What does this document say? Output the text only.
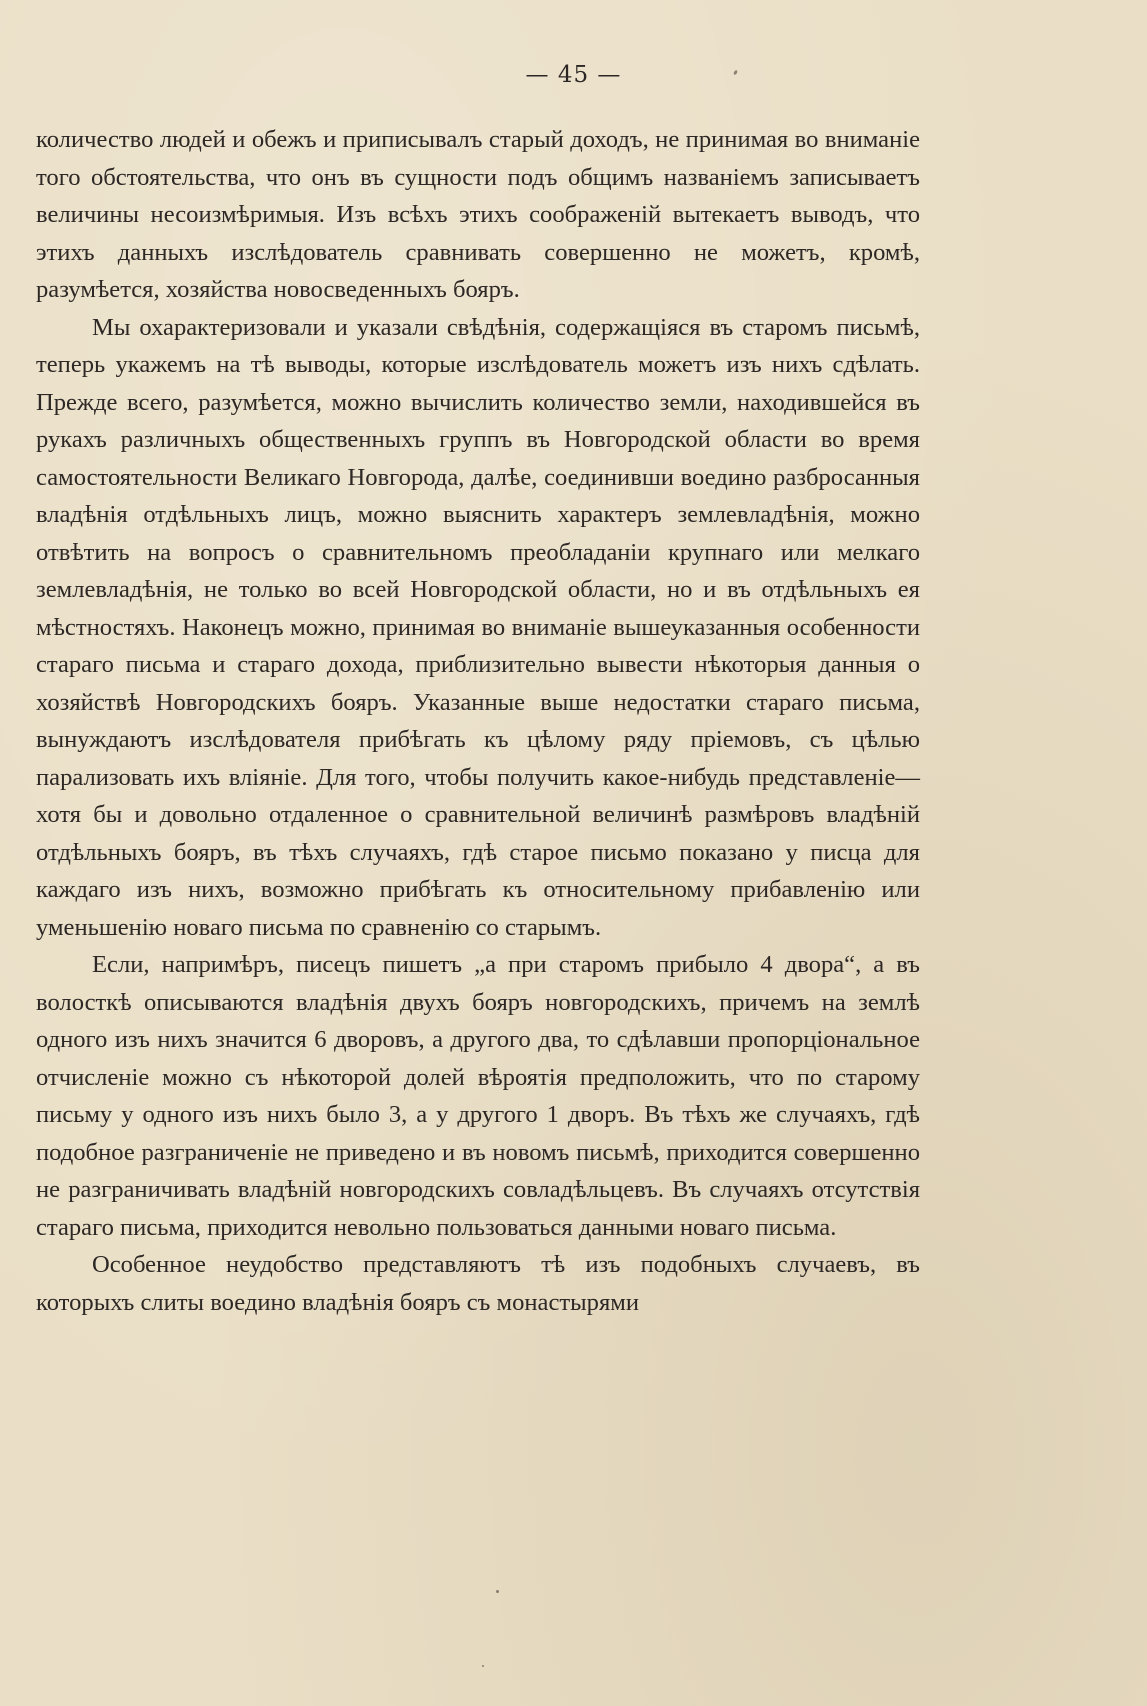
— 45 —

количество людей и обежъ и приписывалъ старый доходъ, не принимая во вниманіе того обстоятельства, что онъ въ сущности подъ общимъ названіемъ записываетъ величины несоизмѣримыя. Изъ всѣхъ этихъ соображеній вытекаетъ выводъ, что этихъ данныхъ изслѣдователь сравнивать совершенно не можетъ, кромѣ, разумѣется, хозяйства новосведенныхъ бояръ.

Мы охарактеризовали и указали свѣдѣнія, содержащіяся въ старомъ письмѣ, теперь укажемъ на тѣ выводы, которые изслѣдователь можетъ изъ нихъ сдѣлать. Прежде всего, разумѣется, можно вычислить количество земли, находившейся въ рукахъ различныхъ общественныхъ группъ въ Новгородской области во время самостоятельности Великаго Новгорода, далѣе, соединивши воедино разбросанныя владѣнія отдѣльныхъ лицъ, можно выяснить характеръ землевладѣнія, можно отвѣтить на вопросъ о сравнительномъ преобладаніи крупнаго или мелкаго землевладѣнія, не только во всей Новгородской области, но и въ отдѣльныхъ ея мѣстностяхъ. Наконецъ можно, принимая во вниманіе вышеуказанныя особенности стараго письма и стараго дохода, приблизительно вывести нѣкоторыя данныя о хозяйствѣ Новгородскихъ бояръ. Указанные выше недостатки стараго письма, вынуждаютъ изслѣдователя прибѣгать къ цѣлому ряду пріемовъ, съ цѣлью парализовать ихъ вліяніе. Для того, чтобы получить какое-нибудь представленіе—хотя бы и довольно отдаленное о сравнительной величинѣ размѣровъ владѣній отдѣльныхъ бояръ, въ тѣхъ случаяхъ, гдѣ старое письмо показано у писца для каждаго изъ нихъ, возможно прибѣгать къ относительному прибавленію или уменьшенію новаго письма по сравненію со старымъ.

Если, напримѣръ, писецъ пишетъ „а при старомъ прибыло 4 двора“, а въ волосткѣ описываются владѣнія двухъ бояръ новгородскихъ, причемъ на землѣ одного изъ нихъ значится 6 дворовъ, а другого два, то сдѣлавши пропорціональное отчисленіе можно съ нѣкоторой долей вѣроятія предположить, что по старому письму у одного изъ нихъ было 3, а у другого 1 дворъ. Въ тѣхъ же случаяхъ, гдѣ подобное разграниченіе не приведено и въ новомъ письмѣ, приходится совершенно не разграничивать владѣній новгородскихъ совладѣльцевъ. Въ случаяхъ отсутствія стараго письма, приходится невольно пользоваться данными новаго письма.

Особенное неудобство представляютъ тѣ изъ подобныхъ случаевъ, въ которыхъ слиты воедино владѣнія бояръ съ монастырями
